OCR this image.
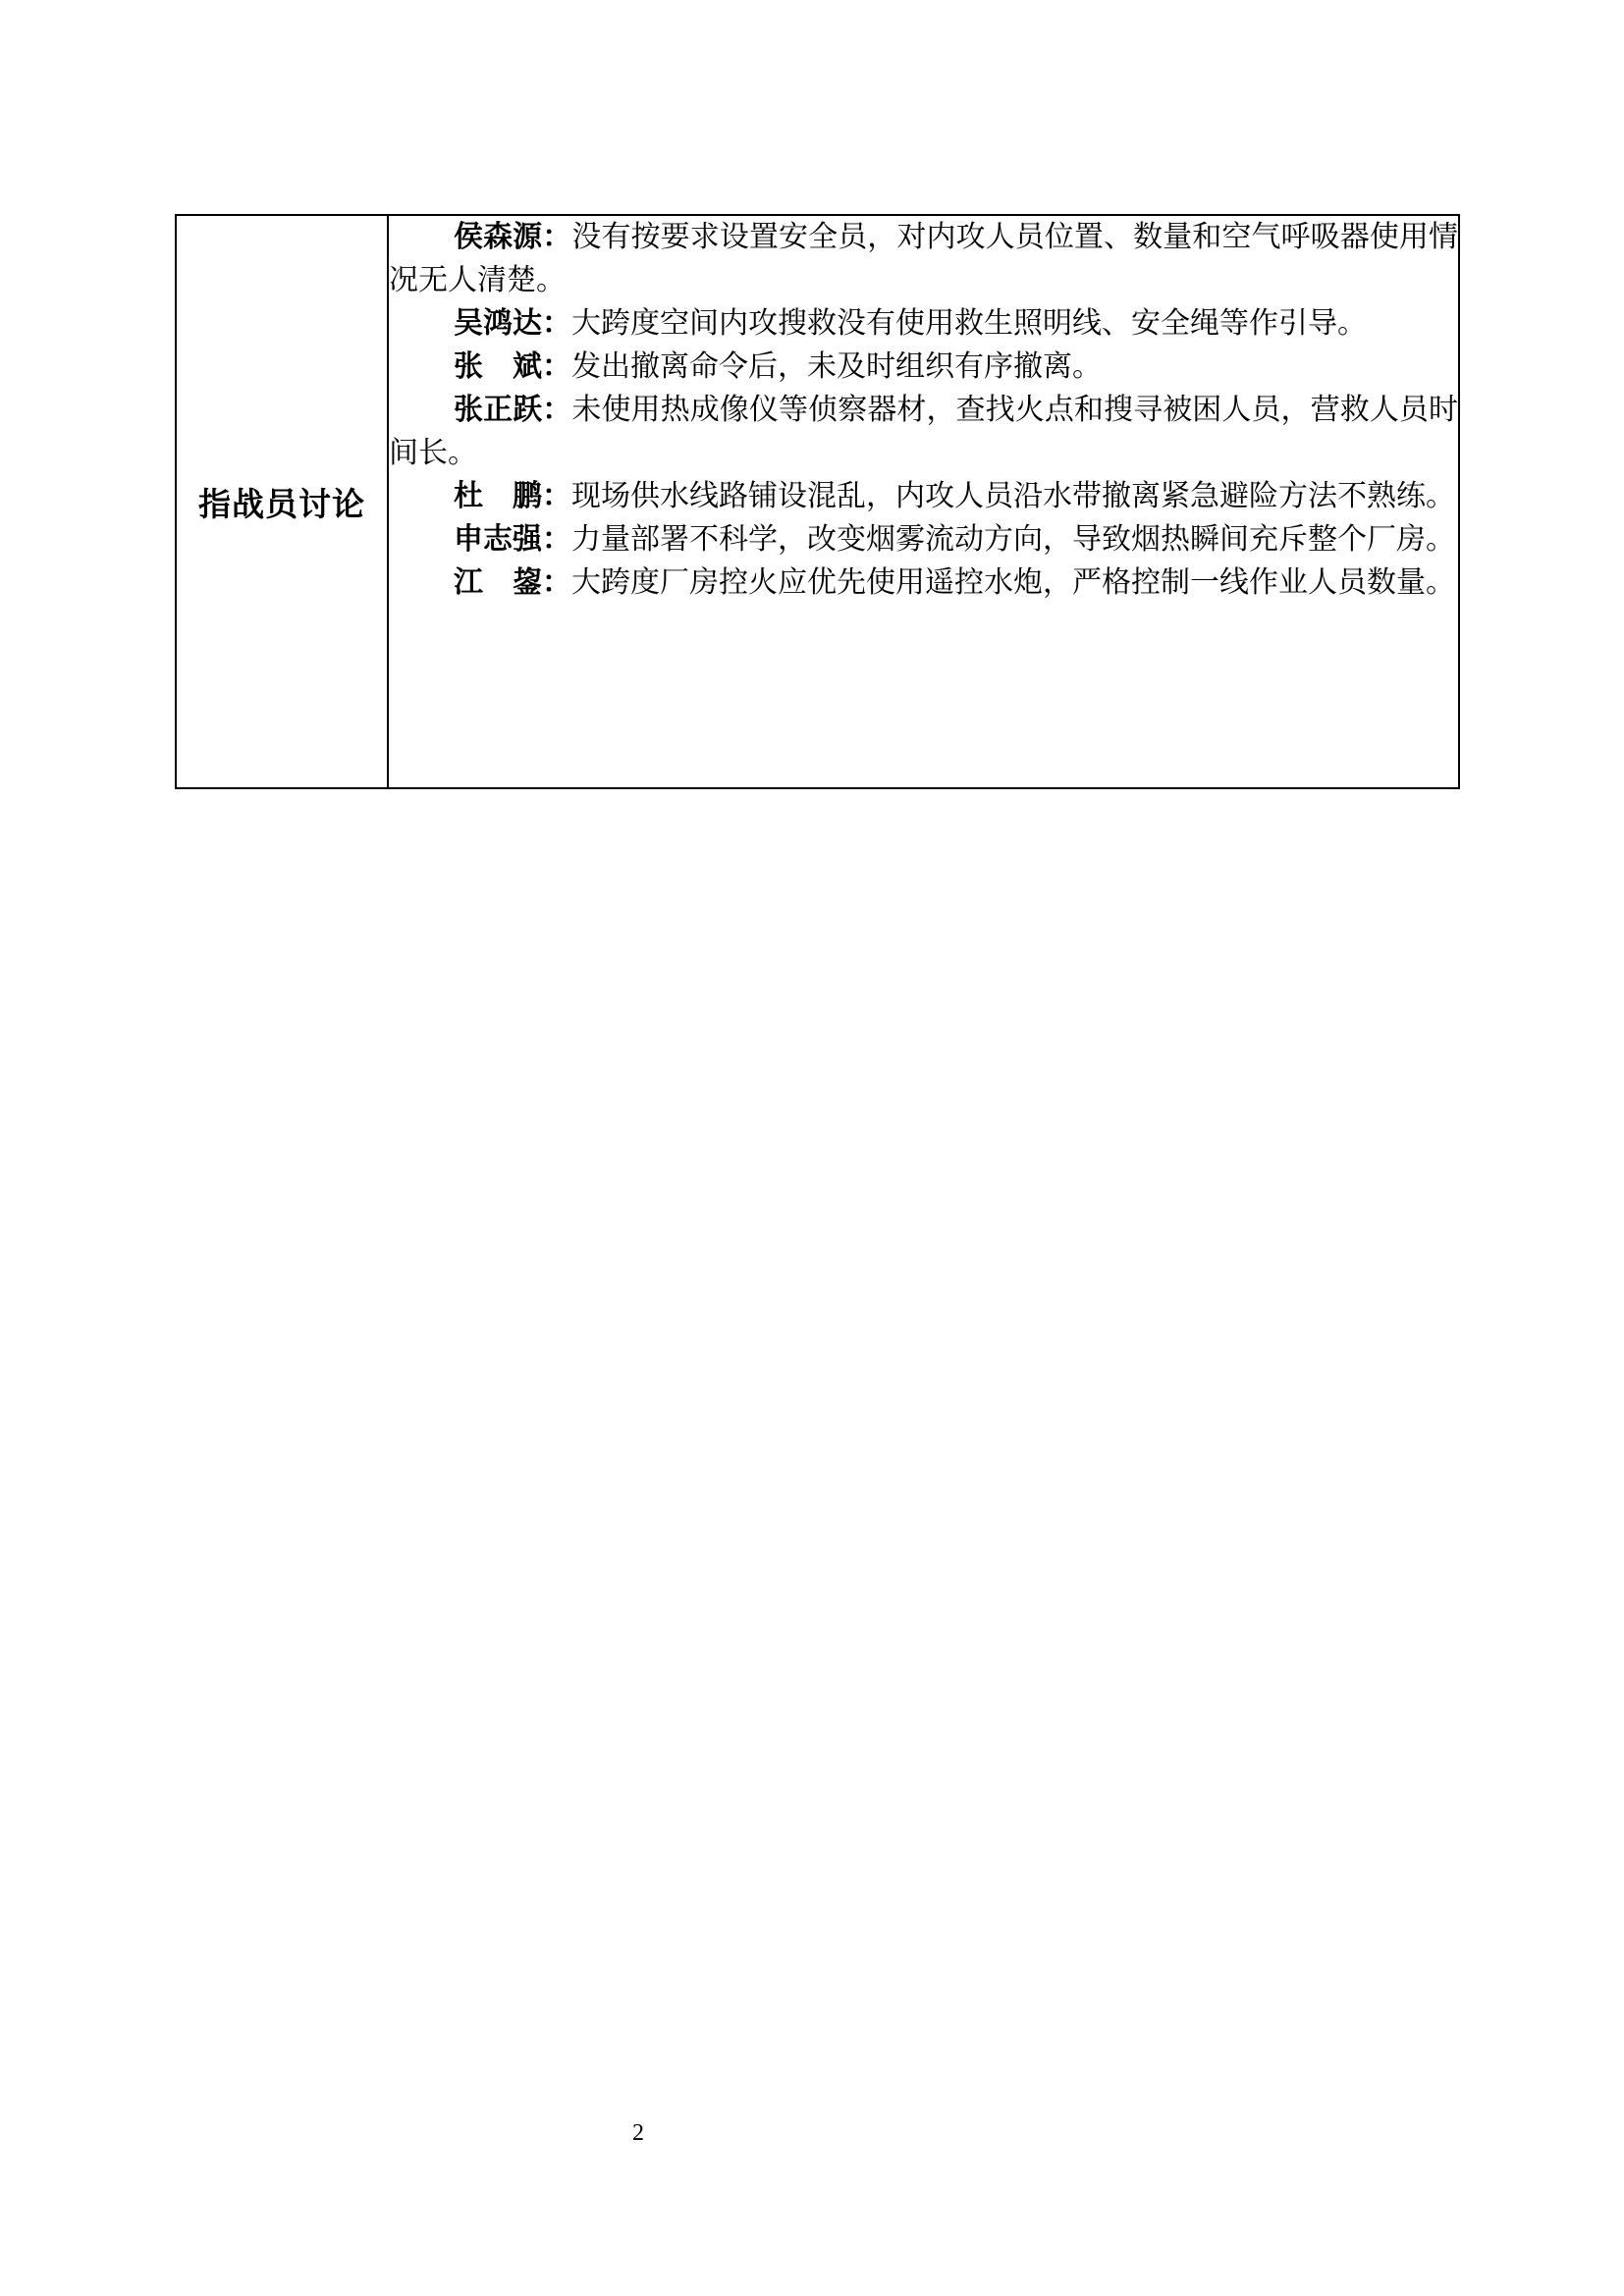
指战员讨论	

侯森源：没有按要求设置安全员，对内攻人员位置、数量和空气呼吸器使用情况无人清楚。

吴鸿达：大跨度空间内攻搜救没有使用救生照明线、安全绳等作引导。

张　斌：发出撤离命令后，未及时组织有序撤离。

张正跃：未使用热成像仪等侦察器材，查找火点和搜寻被困人员，营救人员时间长。

杜　鹏：现场供水线路铺设混乱，内攻人员沿水带撤离紧急避险方法不熟练。

申志强：力量部署不科学，改变烟雾流动方向，导致烟热瞬间充斥整个厂房。

江　鋆：大跨度厂房控火应优先使用遥控水炮，严格控制一线作业人员数量。

2
